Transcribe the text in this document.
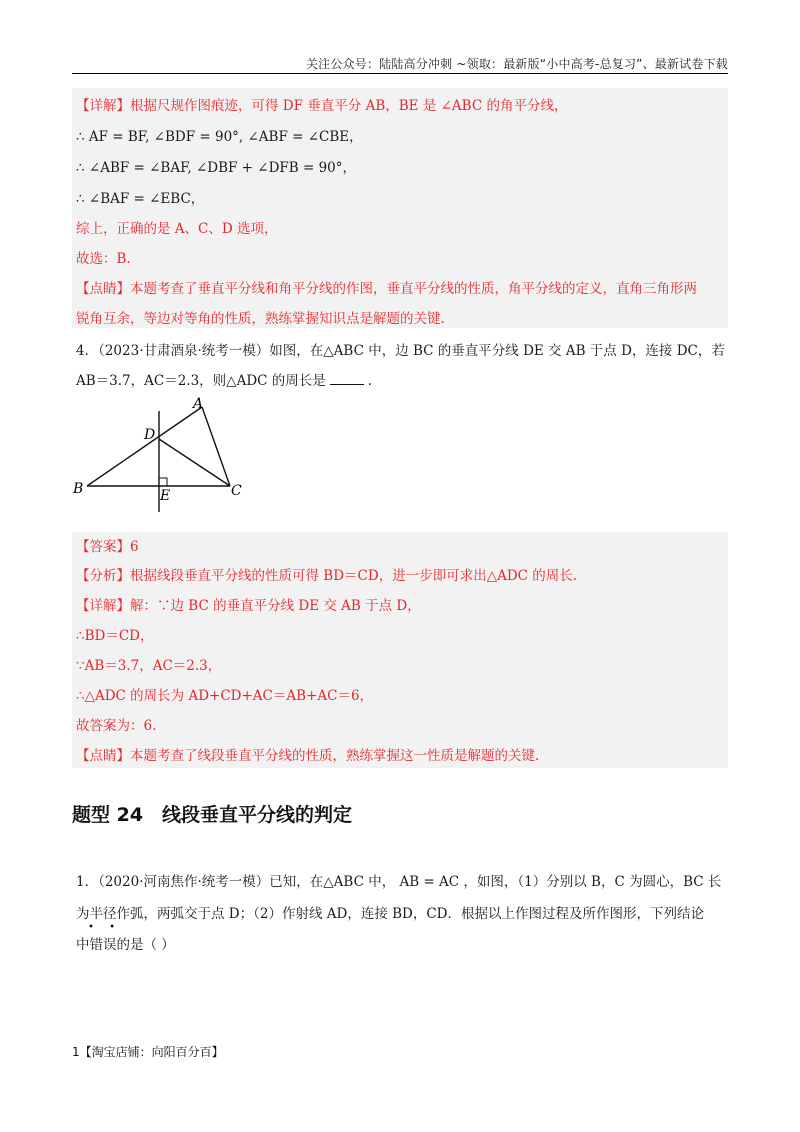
关注公众号：陆陆高分冲刺 ~领取：最新版“小中高考-总复习”、最新试卷下载
【详解】根据尺规作图痕迹，可得 DF 垂直平分 AB，BE 是 ∠ABC 的角平分线，
∴ AF = BF, ∠BDF = 90°, ∠ABF = ∠CBE，
∴ ∠ABF = ∠BAF, ∠DBF + ∠DFB = 90°，
∴ ∠BAF = ∠EBC，
综上，正确的是 A、C、D 选项，
故选：B.
【点睛】本题考查了垂直平分线和角平分线的作图，垂直平分线的性质，角平分线的定义，直角三角形两
锐角互余，等边对等角的性质，熟练掌握知识点是解题的关键.
4．（2023·甘肃酒泉·统考一模）如图，在△ABC 中，边 BC 的垂直平分线 DE 交 AB 于点 D，连接 DC，若
AB＝3.7，AC＝2.3，则△ADC 的周长是	.
A
D
B	C
E
【答案】6
【分析】根据线段垂直平分线的性质可得 BD＝CD，进一步即可求出△ADC 的周长.
【详解】解：∵边 BC 的垂直平分线 DE 交 AB 于点 D，
∴BD＝CD，
∵AB＝3.7，AC＝2.3，
∴△ADC 的周长为 AD+CD+AC＝AB+AC＝6，
故答案为：6.
【点睛】本题考查了线段垂直平分线的性质，熟练掌握这一性质是解题的关键.
题型 24　线段垂直平分线的判定
1．（2020·河南焦作·统考一模）已知，在△ABC 中， AB = AC ，如图，（1）分别以 B，C 为圆心，BC 长
为半径作弧，两弧交于点 D；（2）作射线 AD，连接 BD，CD．根据以上作图过程及所作图形，下列结论
• •
中错误的是（ ）
1【淘宝店铺：向阳百分百】
